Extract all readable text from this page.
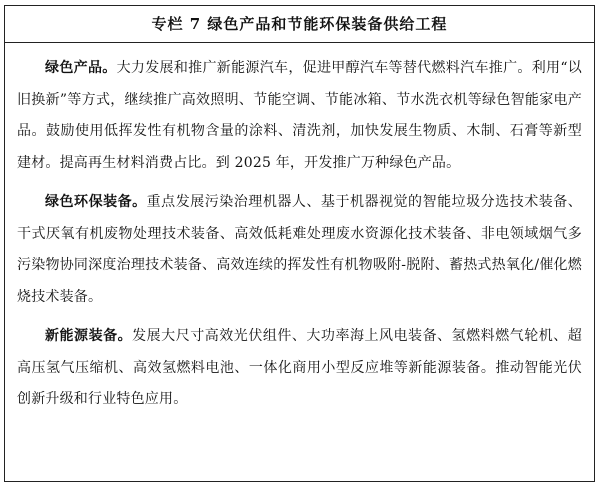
专栏 7 绿色产品和节能环保装备供给工程

绿色产品。大力发展和推广新能源汽车，促进甲醇汽车等替代燃料汽车推广。利用“以旧换新”等方式，继续推广高效照明、节能空调、节能冰箱、节水洗衣机等绿色智能家电产品。鼓励使用低挥发性有机物含量的涂料、清洗剂，加快发展生物质、木制、石膏等新型建材。提高再生材料消费占比。到 2025 年，开发推广万种绿色产品。

绿色环保装备。重点发展污染治理机器人、基于机器视觉的智能垃圾分选技术装备、干式厌氧有机废物处理技术装备、高效低耗难处理废水资源化技术装备、非电领域烟气多污染物协同深度治理技术装备、高效连续的挥发性有机物吸附-脱附、蓄热式热氧化/催化燃烧技术装备。

新能源装备。发展大尺寸高效光伏组件、大功率海上风电装备、氢燃料燃气轮机、超高压氢气压缩机、高效氢燃料电池、一体化商用小型反应堆等新能源装备。推动智能光伏创新升级和行业特色应用。
